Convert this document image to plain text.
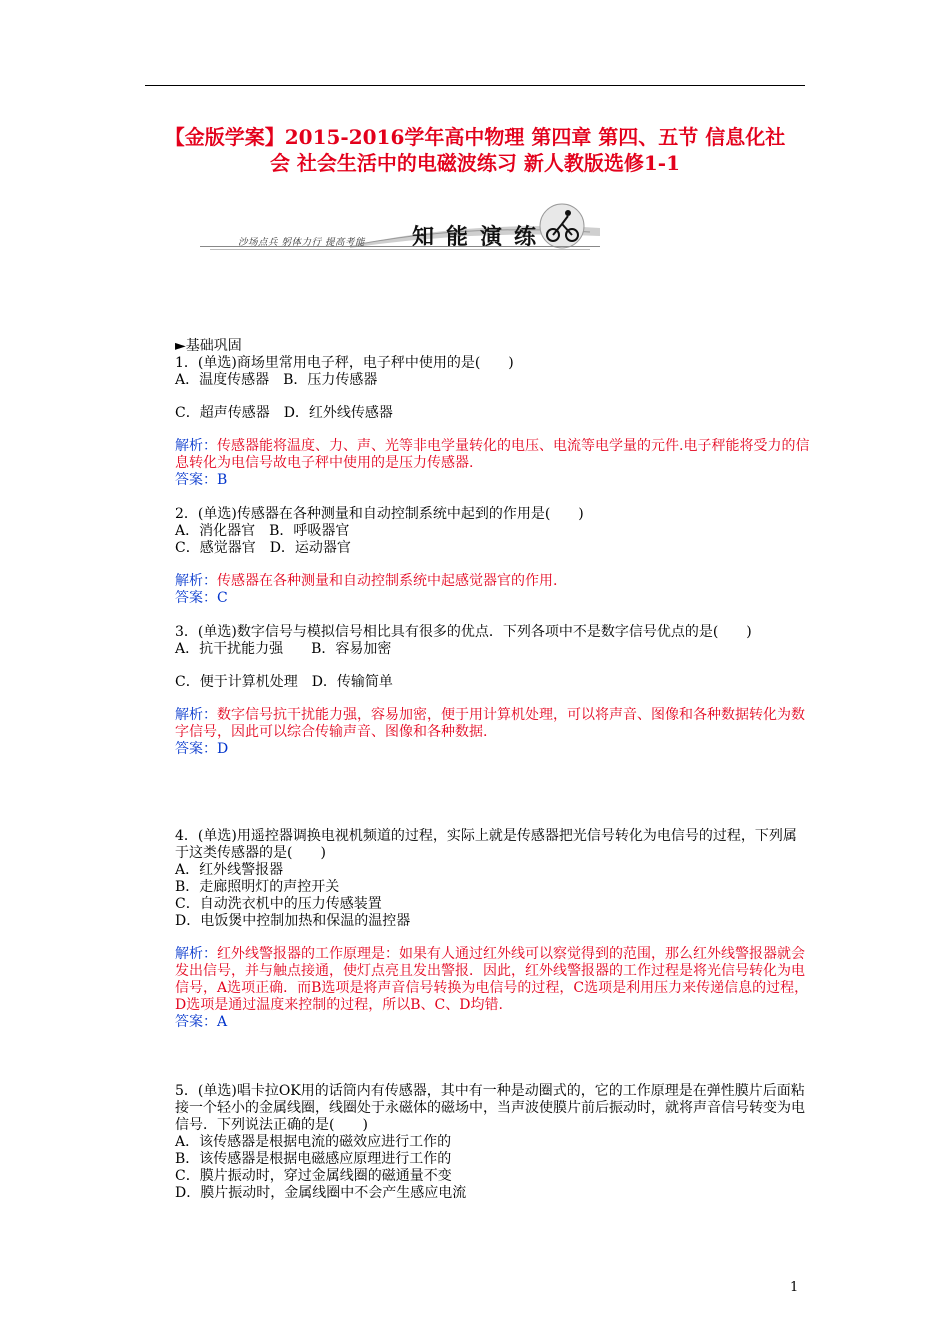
【金版学案】2015-2016学年高中物理 第四章 第四、五节 信息化社
会 社会生活中的电磁波练习 新人教版选修1-1
沙场点兵 躬体力行 提高考能 知能演练
►基础巩固
1．(单选)商场里常用电子秤，电子秤中使用的是(　　)
A．温度传感器　B．压力传感器
C．超声传感器　D．红外线传感器
解析：传感器能将温度、力、声、光等非电学量转化的电压、电流等电学量的元件.电子秤能将受力的信息转化为电信号故电子秤中使用的是压力传感器.
答案：B
2．(单选)传感器在各种测量和自动控制系统中起到的作用是(　　)
A．消化器官　B．呼吸器官
C．感觉器官　D．运动器官
解析：传感器在各种测量和自动控制系统中起感觉器官的作用.
答案：C
3．(单选)数字信号与模拟信号相比具有很多的优点．下列各项中不是数字信号优点的是(　　)
A．抗干扰能力强　　B．容易加密
C．便于计算机处理　D．传输简单
解析：数字信号抗干扰能力强，容易加密，便于用计算机处理，可以将声音、图像和各种数据转化为数字信号，因此可以综合传输声音、图像和各种数据.
答案：D
4．(单选)用遥控器调换电视机频道的过程，实际上就是传感器把光信号转化为电信号的过程，下列属于这类传感器的是(　　)
A．红外线警报器
B．走廊照明灯的声控开关
C．自动洗衣机中的压力传感装置
D．电饭煲中控制加热和保温的温控器
解析：红外线警报器的工作原理是：如果有人通过红外线可以察觉得到的范围，那么红外线警报器就会发出信号，并与触点接通，使灯点亮且发出警报．因此，红外线警报器的工作过程是将光信号转化为电信号，A选项正确．而B选项是将声音信号转换为电信号的过程，C选项是利用压力来传递信息的过程，D选项是通过温度来控制的过程，所以B、C、D均错.
答案：A
5．(单选)唱卡拉OK用的话筒内有传感器，其中有一种是动圈式的，它的工作原理是在弹性膜片后面粘接一个轻小的金属线圈，线圈处于永磁体的磁场中，当声波使膜片前后振动时，就将声音信号转变为电信号．下列说法正确的是(　　)
A．该传感器是根据电流的磁效应进行工作的
B．该传感器是根据电磁感应原理进行工作的
C．膜片振动时，穿过金属线圈的磁通量不变
D．膜片振动时，金属线圈中不会产生感应电流
1
